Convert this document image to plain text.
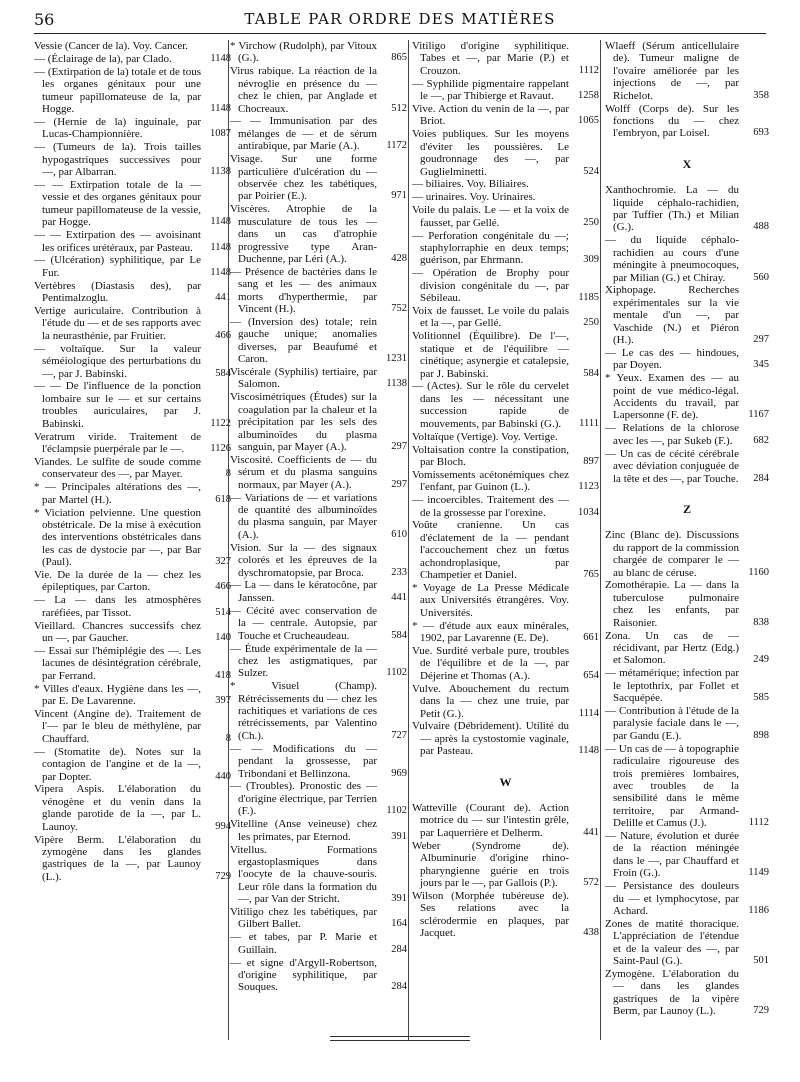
56	TABLE PAR ORDRE DES MATIÈRES
Vessie (Cancer de la). Voy. Cancer.
— (Éclairage de la), par Clado.	1148
— (Extirpation de la) totale et de tous les organes génitaux pour une tumeur papillomateuse de la, par Hogge.	1148
— (Hernie de la) inguinale, par Lucas-Championnière.	1087
— (Tumeurs de la). Trois tailles hypogastriques successives pour —, par Albarran.	1138
— — Extirpation totale de la — vessie et des organes génitaux pour tumeur papillomateuse de la vessie, par Hogge.	1148
— — Extirpation des — avoisinant les orifices urétéraux, par Pasteau.	1148
— (Ulcération) syphilitique, par Le Fur.	1148
Vertèbres (Diastasis des), par Pentimalzoglu.	441
Vertige auriculaire. Contribution à l'étude du — et de ses rapports avec la neurasthénie, par Fruitier.	466
— voltaïque. Sur la valeur séméiologique des perturbations du —, par J. Babinski.	584
— — De l'influence de la ponction lombaire sur le — et sur certains troubles auriculaires, par J. Babinski.	1122
Veratrum viride. Traitement de l'éclampsie puerpérale par le —.	1126
Viandes. Le sulfite de soude comme conservateur des —, par Mayer.	8
* — Principales altérations des —, par Martel (H.).	618
* Viciation pelvienne. Une question obstétricale. De la mise à exécution des interventions obstétricales dans les cas de dystocie par —, par Bar (Paul).	327
Vie. De la durée de la — chez les épileptiques, par Carton.	466
— La — dans les atmosphères raréfiées, par Tissot.	514
Vieillard. Chancres successifs chez un —, par Gaucher.	140
— Essai sur l'hémiplégie des —. Les lacunes de désintégration cérébrale, par Ferrand.	418
* Villes d'eaux. Hygiène dans les —, par E. De Lavarenne.	397
Vincent (Angine de). Traitement de l'— par le bleu de méthylène, par Chauffard.	8
— (Stomatite de). Notes sur la contagion de l'angine et de la —, par Dopter.	440
Vipera Aspis. L'élaboration du vénogène et du venin dans la glande parotide de la —, par L. Launoy.	994
Vipère Berm. L'élaboration du zymogène dans les glandes gastriques de la —, par Launoy (L.).	729
* Virchow (Rudolph), par Vitoux (G.).	865
Virus rabique. La réaction de la névroglie en présence du — chez le chien, par Anglade et Chocreaux.	512
— — Immunisation par des mélanges de — et de sérum antirabique, par Marie (A.).	1172
Visage. Sur une forme particulière d'ulcération du — observée chez les tabétiques, par Poirier (E.).	971
Viscères. Atrophie de la musculature de tous les — dans un cas d'atrophie progressive type Aran-Duchenne, par Léri (A.).	428
— Présence de bactéries dans le sang et les — des animaux morts d'hyperthermie, par Vincent (H.).	752
— (Inversion des) totale; rein gauche unique; anomalies diverses, par Beaufumé et Caron.	1231
Viscérale (Syphilis) tertiaire, par Salomon.	1138
Viscosimétriques (Études) sur la coagulation par la chaleur et la précipitation par les sels des albuminoïdes du plasma sanguin, par Mayer (A.).	297
Viscosité. Coefficients de — du sérum et du plasma sanguins normaux, par Mayer (A.).	297
— Variations de — et variations de quantité des albuminoïdes du plasma sanguin, par Mayer (A.).	610
Vision. Sur la — des signaux colorés et les épreuves de la dyschromatopsie, par Broca.	233
— La — dans le kératocône, par Janssen.	441
— Cécité avec conservation de la — centrale. Autopsie, par Touche et Crucheaudeau.	584
— Étude expérimentale de la — chez les astigmatiques, par Sulzer.	1102
* Visuel (Champ). Rétrécissements du — chez les rachitiques et variations de ces rétrécissements, par Valentino (Ch.).	727
— — Modifications du — pendant la grossesse, par Tribondani et Bellinzona.	969
— (Troubles). Pronostic des — d'origine électrique, par Terrien (F.).	1102
Vitelline (Anse veineuse) chez les primates, par Eternod.	391
Vitellus. Formations ergastoplasmiques dans l'oocyte de la chauve-souris. Leur rôle dans la formation du —, par Van der Stricht.	391
Vitiligo chez les tabétiques, par Gilbert Ballet.	164
— et tabes, par P. Marie et Guillain.	284
— et signe d'Argyll-Robertson, d'origine syphilitique, par Souques.	284
Vitiligo d'origine syphilitique. Tabes et —, par Marie (P.) et Crouzon.	1112
— Syphilide pigmentaire rappelant le —, par Thibierge et Ravaut.	1258
Vive. Action du venin de la —, par Briot.	1065
Voies publiques. Sur les moyens d'éviter les poussières. Le goudronnage des —, par Guglielminetti.	524
— biliaires. Voy. Biliaires.
— urinaires. Voy. Urinaires.
Voile du palais. Le — et la voix de fausset, par Gellé.	250
— Perforation congénitale du —; staphylorraphie en deux temps; guérison, par Ehrmann.	309
— Opération de Brophy pour division congénitale du —, par Sébileau.	1185
Voix de fausset. Le voile du palais et la —, par Gellé.	250
Volitionnel (Équilibre). De l'—, statique et de l'équilibre — cinétique; asynergie et catalepsie, par J. Babinski.	584
— (Actes). Sur le rôle du cervelet dans les — nécessitant une succession rapide de mouvements, par Babinski (G.).	1111
Voltaïque (Vertige). Voy. Vertige.
Voltaisation contre la constipation, par Bloch.	897
Vomissements acétonémiques chez l'enfant, par Guinon (L.).	1123
— incoercibles. Traitement des — de la grossesse par l'orexine.	1034
Voûte cranienne. Un cas d'éclatement de la — pendant l'accouchement chez un fœtus achondroplasique, par Champetier et Daniel.	765
* Voyage de La Presse Médicale aux Universités étrangères. Voy. Universités.
* — d'étude aux eaux minérales, 1902, par Lavarenne (E. De).	661
Vue. Surdité verbale pure, troubles de l'équilibre et de la —, par Déjerine et Thomas (A.).	654
Vulve. Abouchement du rectum dans la — chez une truie, par Petit (G.).	1114
Vulvaire (Débridement). Utilité du — après la cystostomie vaginale, par Pasteau.	1148
W
Watteville (Courant de). Action motrice du — sur l'intestin grêle, par Laquerrière et Delherm.	441
Weber (Syndrome de). Albuminurie d'origine rhino-pharyngienne guérie en trois jours par le —, par Gallois (P.).	572
Wilson (Morphée tubéreuse de). Ses relations avec la sclérodermie en plaques, par Jacquet.	438
Wlaeff (Sérum anticellulaire de). Tumeur maligne de l'ovaire améliorée par les injections de —, par Richelot.	358
Wolff (Corps de). Sur les fonctions du — chez l'embryon, par Loisel.	693
X
Xanthochromie. La — du liquide céphalo-rachidien, par Tuffier (Th.) et Milian (G.).	488
— du liquide céphalo-rachidien au cours d'une méningite à pneumocoques, par Milian (G.) et Chiray.	560
Xiphopage. Recherches expérimentales sur la vie mentale d'un —, par Vaschide (N.) et Piéron (H.).	297
— Le cas des — hindoues, par Doyen.	345
* Yeux. Examen des — au point de vue médico-légal. Accidents du travail, par Lapersonne (F. de).	1167
— Relations de la chlorose avec les —, par Sukeb (F.).	682
— Un cas de cécité cérébrale avec déviation conjuguée de la tête et des —, par Touche. 284
Z
Zinc (Blanc de). Discussions du rapport de la commission chargée de comparer le — au blanc de céruse.	1160
Zomothérapie. La — dans la tuberculose pulmonaire chez les enfants, par Raisonier.	838
Zona. Un cas de — récidivant, par Hertz (Edg.) et Salomon.	249
— métamérique; infection par le leptothrix, par Follet et Sacquépée.	585
— Contribution à l'étude de la paralysie faciale dans le —, par Gandu (E.).	898
— Un cas de — à topographie radiculaire rigoureuse des trois premières lombaires, avec troubles de la sensibilité dans le même territoire, par Armand-Delille et Camus (J.).	1112
— Nature, évolution et durée de la réaction méningée dans le —, par Chauffard et Froin (G.).	1149
— Persistance des douleurs du — et lymphocytose, par Achard.	1186
Zones de matité thoracique. L'appréciation de l'étendue et de la valeur des —, par Saint-Paul (G.).	501
Zymogène. L'élaboration du — dans les glandes gastriques de la vipère Berm, par Launoy (L.).	729
